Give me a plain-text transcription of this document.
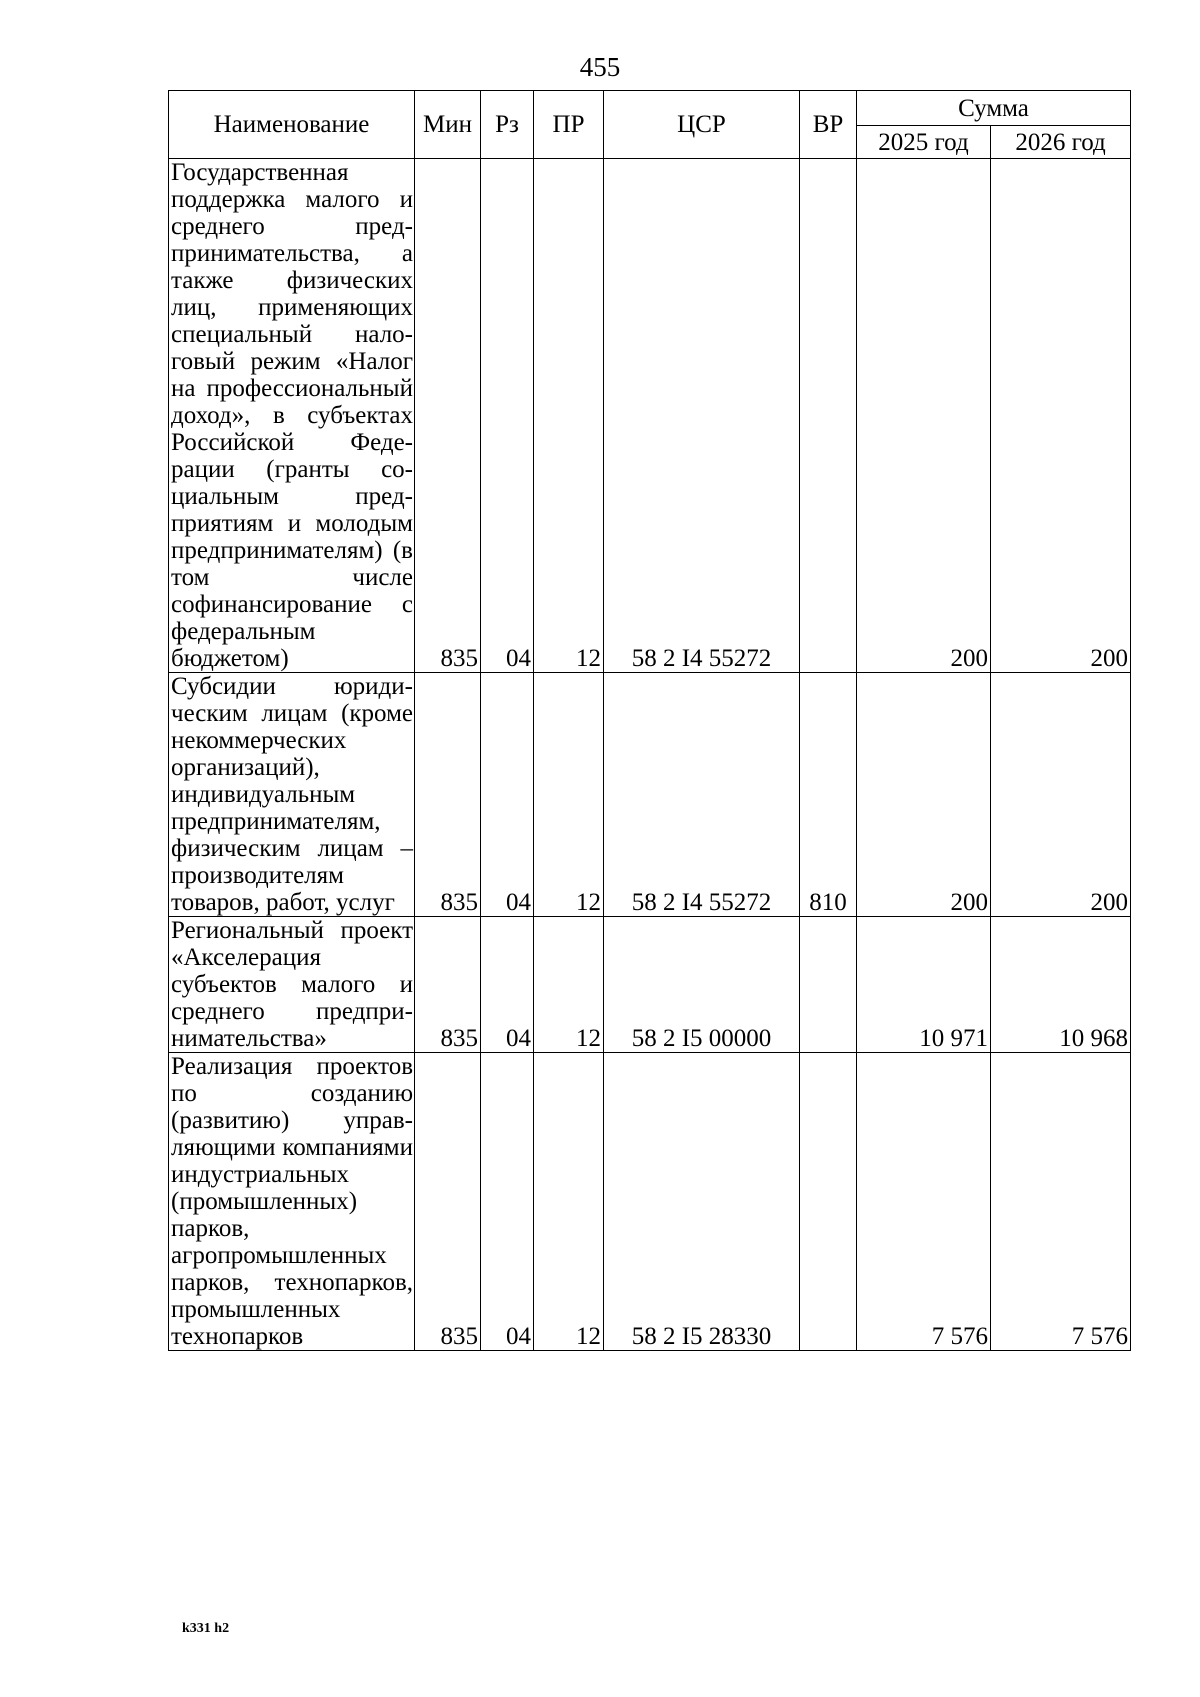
455
Наименование	Мин	Рз	ПР	ЦСР	ВР	Сумма	
						2025 год	2026 год
Государственная поддержка малого и среднего предпринимательства, а также физических лиц, применяющих специальный налоговый режим «Налог на профессиональный доход», в субъектах Российской Федерации (гранты социальным предприятиям и молодым предпринимателям) (в том числе софинансирование с федеральным бюджетом)	835	04	12	58 2 I4 55272		200	200
Субсидии юридическим лицам (кроме некоммерческих организаций), индивидуальным предпринимателям, физическим лицам – производителям товаров, работ, услуг	835	04	12	58 2 I4 55272	810	200	200
Региональный проект «Акселерация субъектов малого и среднего предпринимательства»	835	04	12	58 2 I5 00000		10 971	10 968
Реализация проектов по созданию (развитию) управляющими компаниями индустриальных (промышленных) парков, агропромышленных парков, технопарков, промышленных технопарков	835	04	12	58 2 I5 28330		7 576	7 576
k331 h2
